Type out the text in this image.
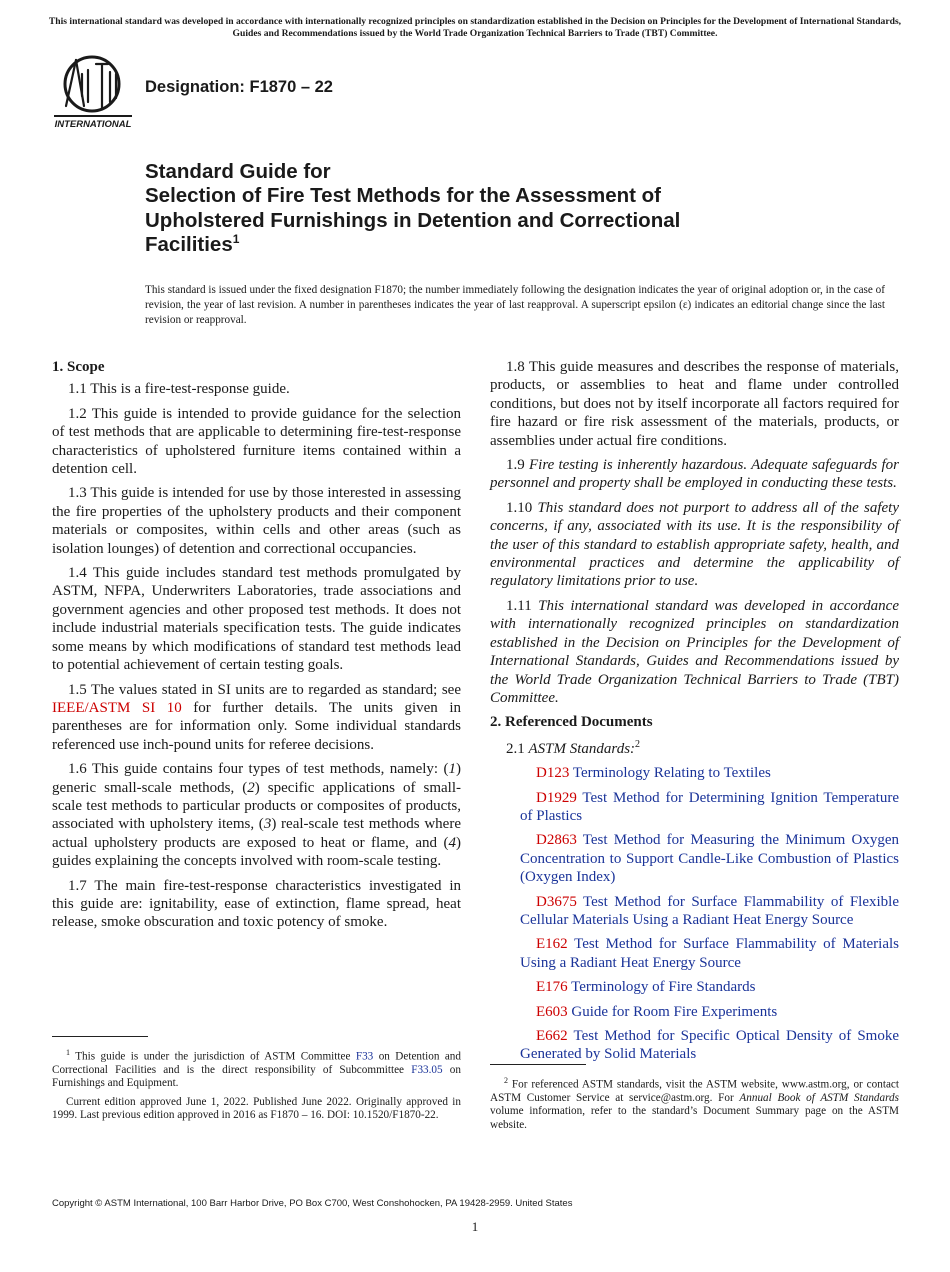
This international standard was developed in accordance with internationally recognized principles on standardization established in the Decision on Principles for the Development of International Standards, Guides and Recommendations issued by the World Trade Organization Technical Barriers to Trade (TBT) Committee.
INTERNATIONAL
Designation: F1870 – 22
Standard Guide for
Selection of Fire Test Methods for the Assessment of
Upholstered Furnishings in Detention and Correctional
Facilities$^1$

This standard is issued under the fixed designation F1870; the number immediately following the designation indicates the year of original adoption or, in the case of revision, the year of last revision. A number in parentheses indicates the year of last reapproval. A superscript epsilon (ε) indicates an editorial change since the last revision or reapproval.

1. Scope

1.1 This is a fire-test-response guide.

1.2 This guide is intended to provide guidance for the selection of test methods that are applicable to determining fire-test-response characteristics of upholstered furniture items contained within a detention cell.

1.3 This guide is intended for use by those interested in assessing the fire properties of the upholstery products and their component materials or composites, within cells and other areas (such as isolation lounges) of detention and correctional occupancies.

1.4 This guide includes standard test methods promulgated by ASTM, NFPA, Underwriters Laboratories, trade associations and government agencies and other proposed test methods. It does not include industrial materials specification tests. The guide indicates some means by which modifications of standard test methods lead to potential achievement of certain testing goals.

1.5 The values stated in SI units are to regarded as standard; see IEEE/ASTM SI 10 for further details. The units given in parentheses are for information only. Some individual standards referenced use inch-pound units for referee decisions.

1.6 This guide contains four types of test methods, namely: (1) generic small-scale methods, (2) specific applications of small-scale test methods to particular products or composites of products, associated with upholstery items, (3) real-scale test methods where actual upholstery products are exposed to heat or flame, and (4) guides explaining the concepts involved with room-scale testing.

1.7 The main fire-test-response characteristics investigated in this guide are: ignitability, ease of extinction, flame spread, heat release, smoke obscuration and toxic potency of smoke.

1.8 This guide measures and describes the response of materials, products, or assemblies to heat and flame under controlled conditions, but does not by itself incorporate all factors required for fire hazard or fire risk assessment of the materials, products, or assemblies under actual fire conditions.

1.9 Fire testing is inherently hazardous. Adequate safeguards for personnel and property shall be employed in conducting these tests.

1.10 This standard does not purport to address all of the safety concerns, if any, associated with its use. It is the responsibility of the user of this standard to establish appropriate safety, health, and environmental practices and determine the applicability of regulatory limitations prior to use.

1.11 This international standard was developed in accordance with internationally recognized principles on standardization established in the Decision on Principles for the Development of International Standards, Guides and Recommendations issued by the World Trade Organization Technical Barriers to Trade (TBT) Committee.

2. Referenced Documents

2.1 ASTM Standards:$^2$

D123 Terminology Relating to Textiles

D1929 Test Method for Determining Ignition Temperature of Plastics

D2863 Test Method for Measuring the Minimum Oxygen Concentration to Support Candle-Like Combustion of Plastics (Oxygen Index)

D3675 Test Method for Surface Flammability of Flexible Cellular Materials Using a Radiant Heat Energy Source

E162 Test Method for Surface Flammability of Materials Using a Radiant Heat Energy Source

E176 Terminology of Fire Standards

E603 Guide for Room Fire Experiments

E662 Test Method for Specific Optical Density of Smoke Generated by Solid Materials

$^1$ This guide is under the jurisdiction of ASTM Committee F33 on Detention and Correctional Facilities and is the direct responsibility of Subcommittee F33.05 on Furnishings and Equipment.

Current edition approved June 1, 2022. Published June 2022. Originally approved in 1999. Last previous edition approved in 2016 as F1870 – 16. DOI: 10.1520/F1870-22.

$^2$ For referenced ASTM standards, visit the ASTM website, www.astm.org, or contact ASTM Customer Service at service@astm.org. For Annual Book of ASTM Standards volume information, refer to the standard’s Document Summary page on the ASTM website.

Copyright © ASTM International, 100 Barr Harbor Drive, PO Box C700, West Conshohocken, PA 19428-2959. United States
1
